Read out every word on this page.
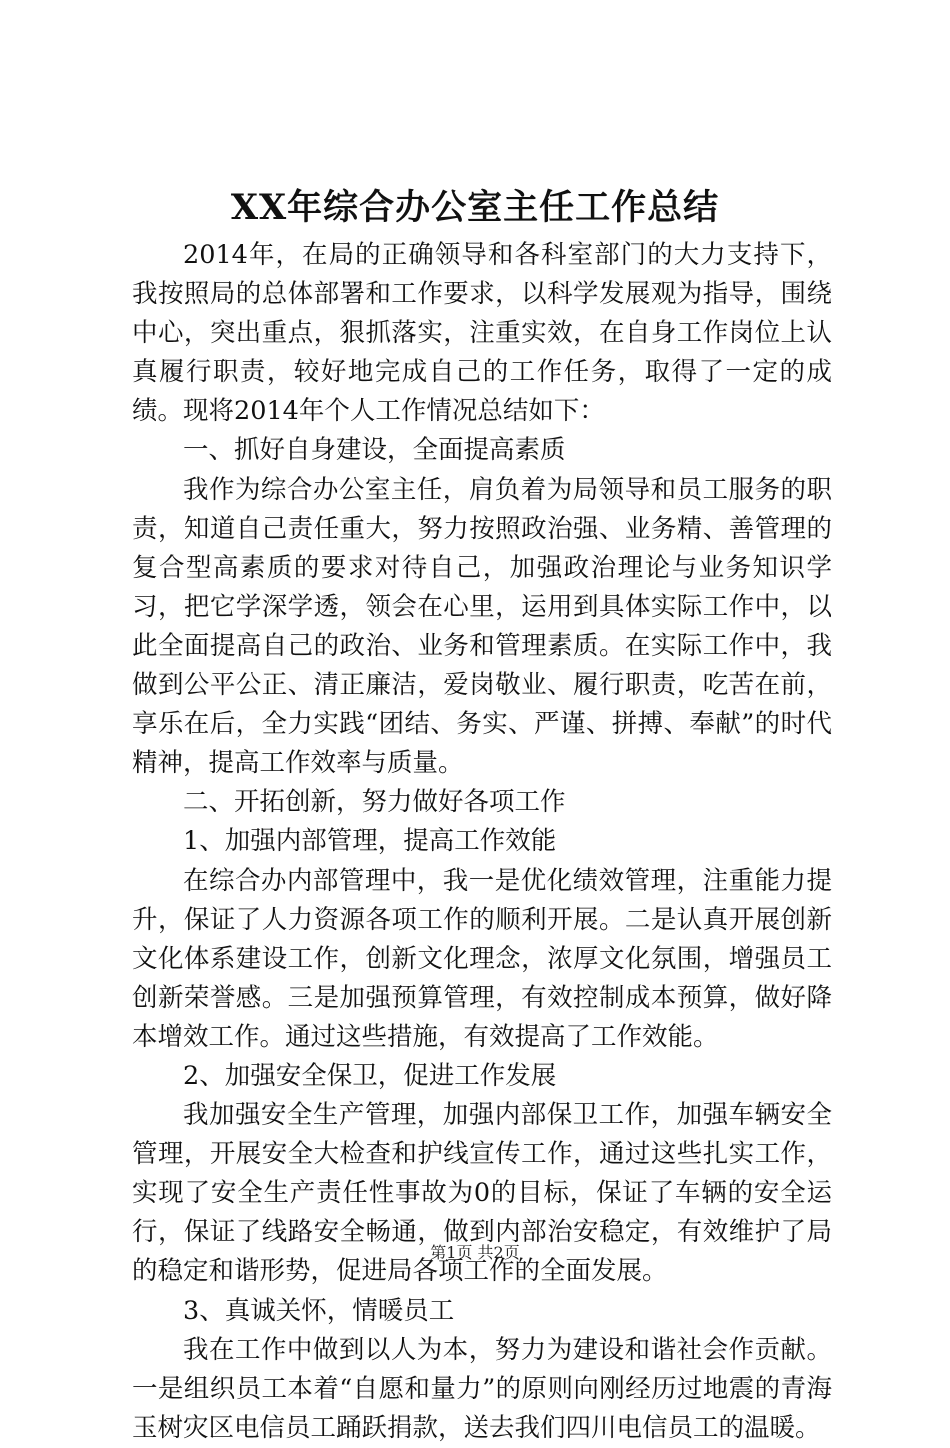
XX年综合办公室主任工作总结

2014年，在局的正确领导和各科室部门的大力支持下，我按照局的总体部署和工作要求，以科学发展观为指导，围绕中心，突出重点，狠抓落实，注重实效，在自身工作岗位上认真履行职责，较好地完成自己的工作任务，取得了一定的成绩。现将2014年个人工作情况总结如下：

一、抓好自身建设，全面提高素质

我作为综合办公室主任，肩负着为局领导和员工服务的职责，知道自己责任重大，努力按照政治强、业务精、善管理的复合型高素质的要求对待自己，加强政治理论与业务知识学习，把它学深学透，领会在心里，运用到具体实际工作中，以此全面提高自己的政治、业务和管理素质。在实际工作中，我做到公平公正、清正廉洁，爱岗敬业、履行职责，吃苦在前，享乐在后，全力实践“团结、务实、严谨、拼搏、奉献”的时代精神，提高工作效率与质量。

二、开拓创新，努力做好各项工作

1、加强内部管理，提高工作效能

在综合办内部管理中，我一是优化绩效管理，注重能力提升，保证了人力资源各项工作的顺利开展。二是认真开展创新文化体系建设工作，创新文化理念，浓厚文化氛围，增强员工创新荣誉感。三是加强预算管理，有效控制成本预算，做好降本增效工作。通过这些措施，有效提高了工作效能。

2、加强安全保卫，促进工作发展

我加强安全生产管理，加强内部保卫工作，加强车辆安全管理，开展安全大检查和护线宣传工作，通过这些扎实工作，实现了安全生产责任性事故为0的目标，保证了车辆的安全运行，保证了线路安全畅通，做到内部治安稳定，有效维护了局的稳定和谐形势，促进局各项工作的全面发展。

3、真诚关怀，情暖员工

我在工作中做到以人为本，努力为建设和谐社会作贡献。一是组织员工本着“自愿和量力”的原则向刚经历过地震的青海玉树灾区电信员工踊跃捐款，送去我们四川电信员工的温暖。

第1页 共2页
